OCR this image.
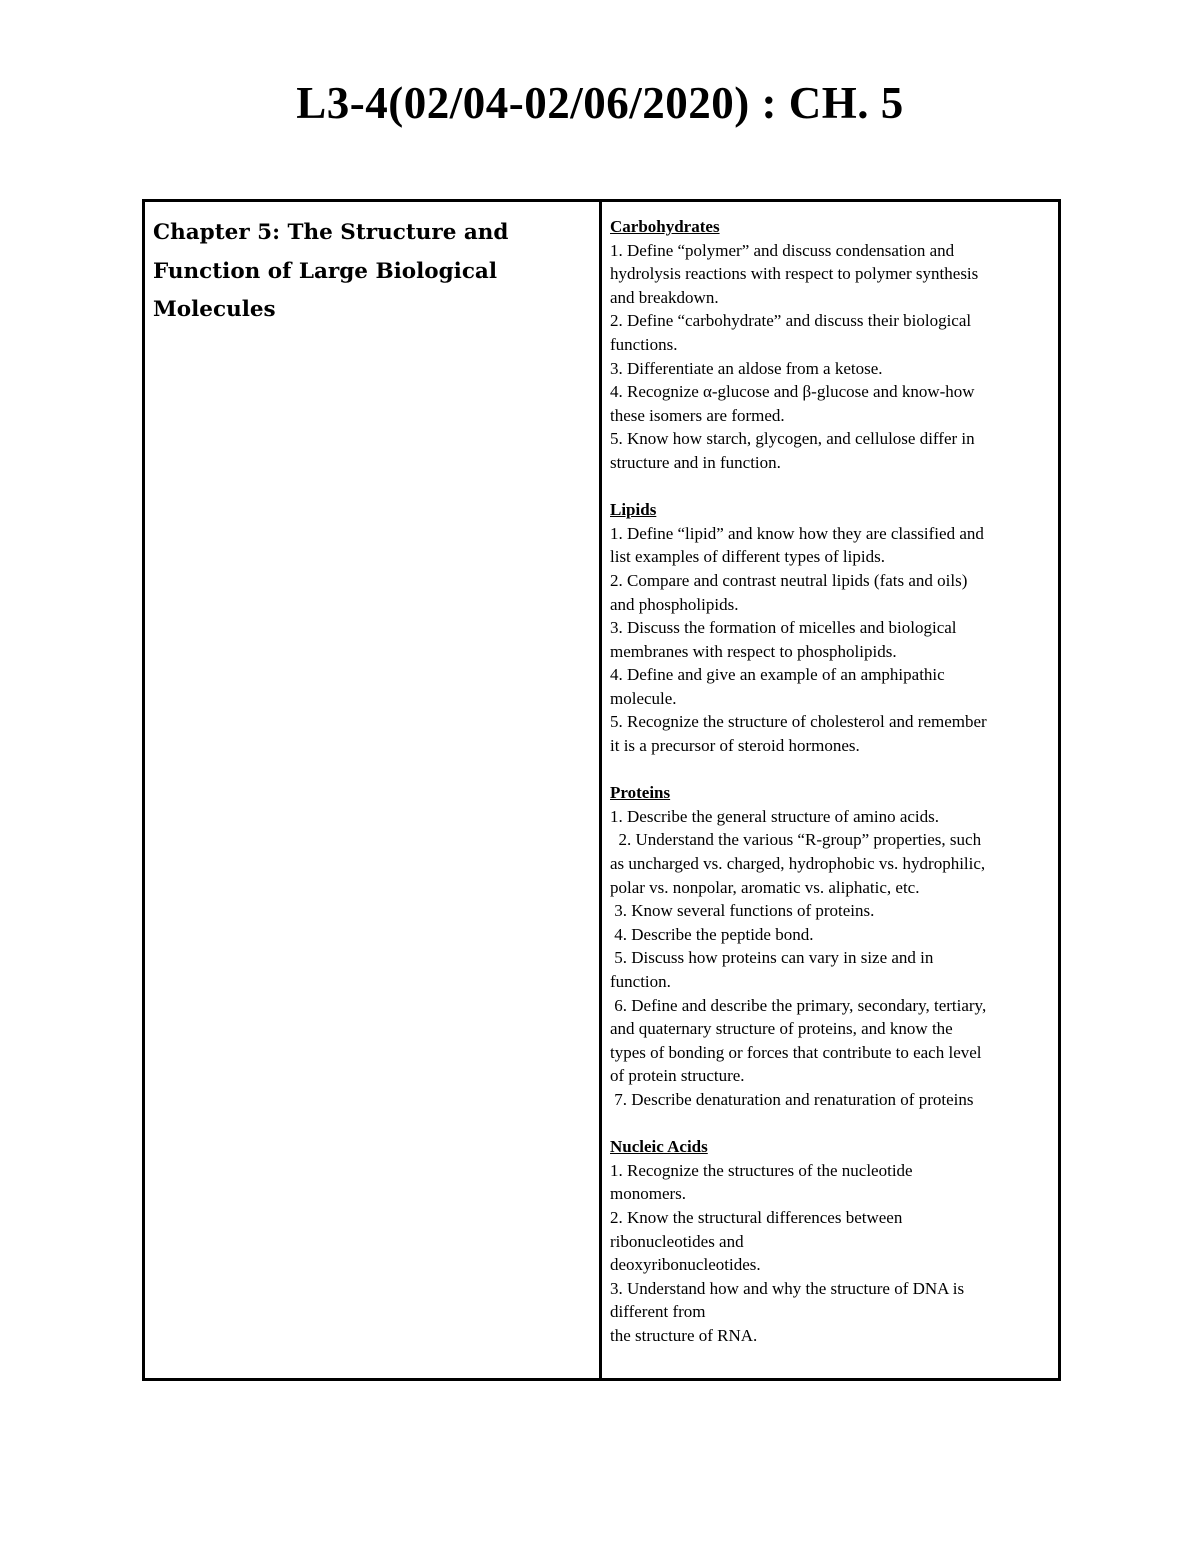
L3-4(02/04-02/06/2020) : CH. 5

Chapter 5: The Structure and
Function of Large Biological
Molecules

Carbohydrates
1. Define “polymer” and discuss condensation and
hydrolysis reactions with respect to polymer synthesis
and breakdown.
2. Define “carbohydrate” and discuss their biological
functions.
3. Differentiate an aldose from a ketose.
4. Recognize α-glucose and β-glucose and know-how
these isomers are formed.
5. Know how starch, glycogen, and cellulose differ in
structure and in function.
Lipids
1. Define “lipid” and know how they are classified and
list examples of different types of lipids.
2. Compare and contrast neutral lipids (fats and oils)
and phospholipids.
3. Discuss the formation of micelles and biological
membranes with respect to phospholipids.
4. Define and give an example of an amphipathic
molecule.
5. Recognize the structure of cholesterol and remember
it is a precursor of steroid hormones.
Proteins
1. Describe the general structure of amino acids.
2. Understand the various “R-group” properties, such
as uncharged vs. charged, hydrophobic vs. hydrophilic,
polar vs. nonpolar, aromatic vs. aliphatic, etc.
3. Know several functions of proteins.
4. Describe the peptide bond.
5. Discuss how proteins can vary in size and in
function.
6. Define and describe the primary, secondary, tertiary,
and quaternary structure of proteins, and know the
types of bonding or forces that contribute to each level
of protein structure.
7. Describe denaturation and renaturation of proteins
Nucleic Acids
1. Recognize the structures of the nucleotide
monomers.
2. Know the structural differences between
ribonucleotides and
deoxyribonucleotides.
3. Understand how and why the structure of DNA is
different from
the structure of RNA.
